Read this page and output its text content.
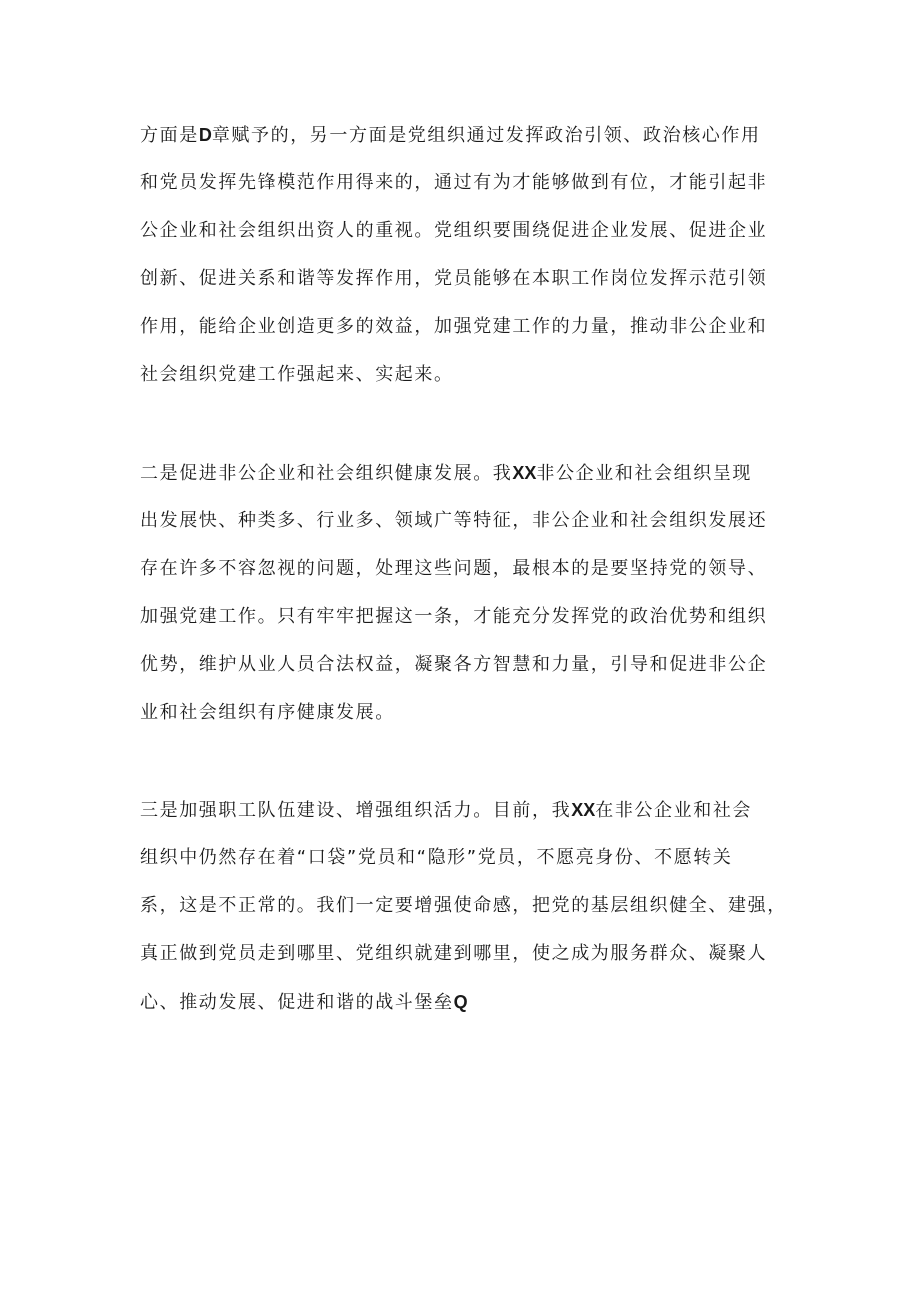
方面是D章赋予的，另一方面是党组织通过发挥政治引领、政治核心作用
和党员发挥先锋模范作用得来的，通过有为才能够做到有位，才能引起非
公企业和社会组织出资人的重视。党组织要围绕促进企业发展、促进企业
创新、促进关系和谐等发挥作用，党员能够在本职工作岗位发挥示范引领
作用，能给企业创造更多的效益，加强党建工作的力量，推动非公企业和
社会组织党建工作强起来、实起来。
二是促进非公企业和社会组织健康发展。我XX非公企业和社会组织呈现
出发展快、种类多、行业多、领域广等特征，非公企业和社会组织发展还
存在许多不容忽视的问题，处理这些问题，最根本的是要坚持党的领导、
加强党建工作。只有牢牢把握这一条，才能充分发挥党的政治优势和组织
优势，维护从业人员合法权益，凝聚各方智慧和力量，引导和促进非公企
业和社会组织有序健康发展。
三是加强职工队伍建设、增强组织活力。目前，我XX在非公企业和社会
组织中仍然存在着“口袋”党员和“隐形”党员，不愿亮身份、不愿转关
系，这是不正常的。我们一定要增强使命感，把党的基层组织健全、建强，
真正做到党员走到哪里、党组织就建到哪里，使之成为服务群众、凝聚人
心、推动发展、促进和谐的战斗堡垒Q
